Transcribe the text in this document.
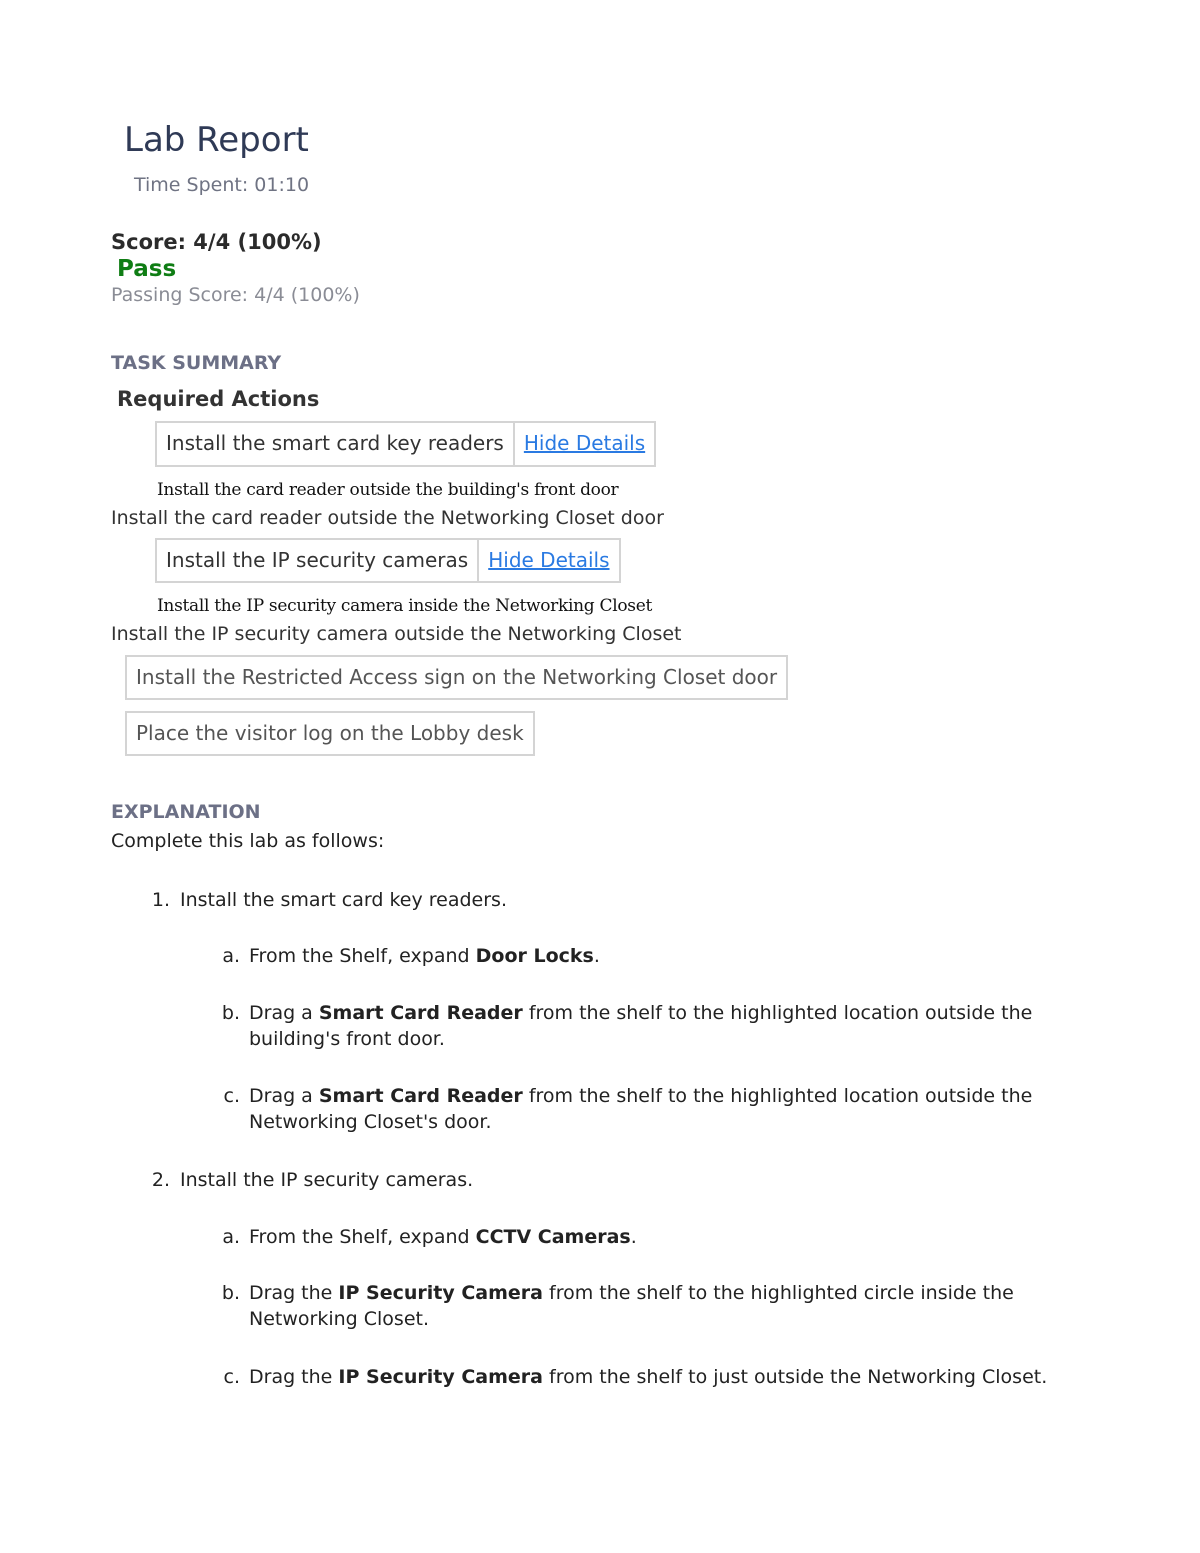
Lab Report
Time Spent: 01:10
Score: 4/4 (100%)
Pass
Passing Score: 4/4 (100%)
TASK SUMMARY
Required Actions
Install the smart card key readers	Hide Details
Install the card reader outside the building's front door
Install the card reader outside the Networking Closet door
Install the IP security cameras	Hide Details
Install the IP security camera inside the Networking Closet
Install the IP security camera outside the Networking Closet
Install the Restricted Access sign on the Networking Closet door
Place the visitor log on the Lobby desk
EXPLANATION
Complete this lab as follows:
1. Install the smart card key readers.
a. From the Shelf, expand Door Locks.
b. Drag a Smart Card Reader from the shelf to the highlighted location outside the building's front door.
c. Drag a Smart Card Reader from the shelf to the highlighted location outside the Networking Closet's door.
2. Install the IP security cameras.
a. From the Shelf, expand CCTV Cameras.
b. Drag the IP Security Camera from the shelf to the highlighted circle inside the Networking Closet.
c. Drag the IP Security Camera from the shelf to just outside the Networking Closet.
